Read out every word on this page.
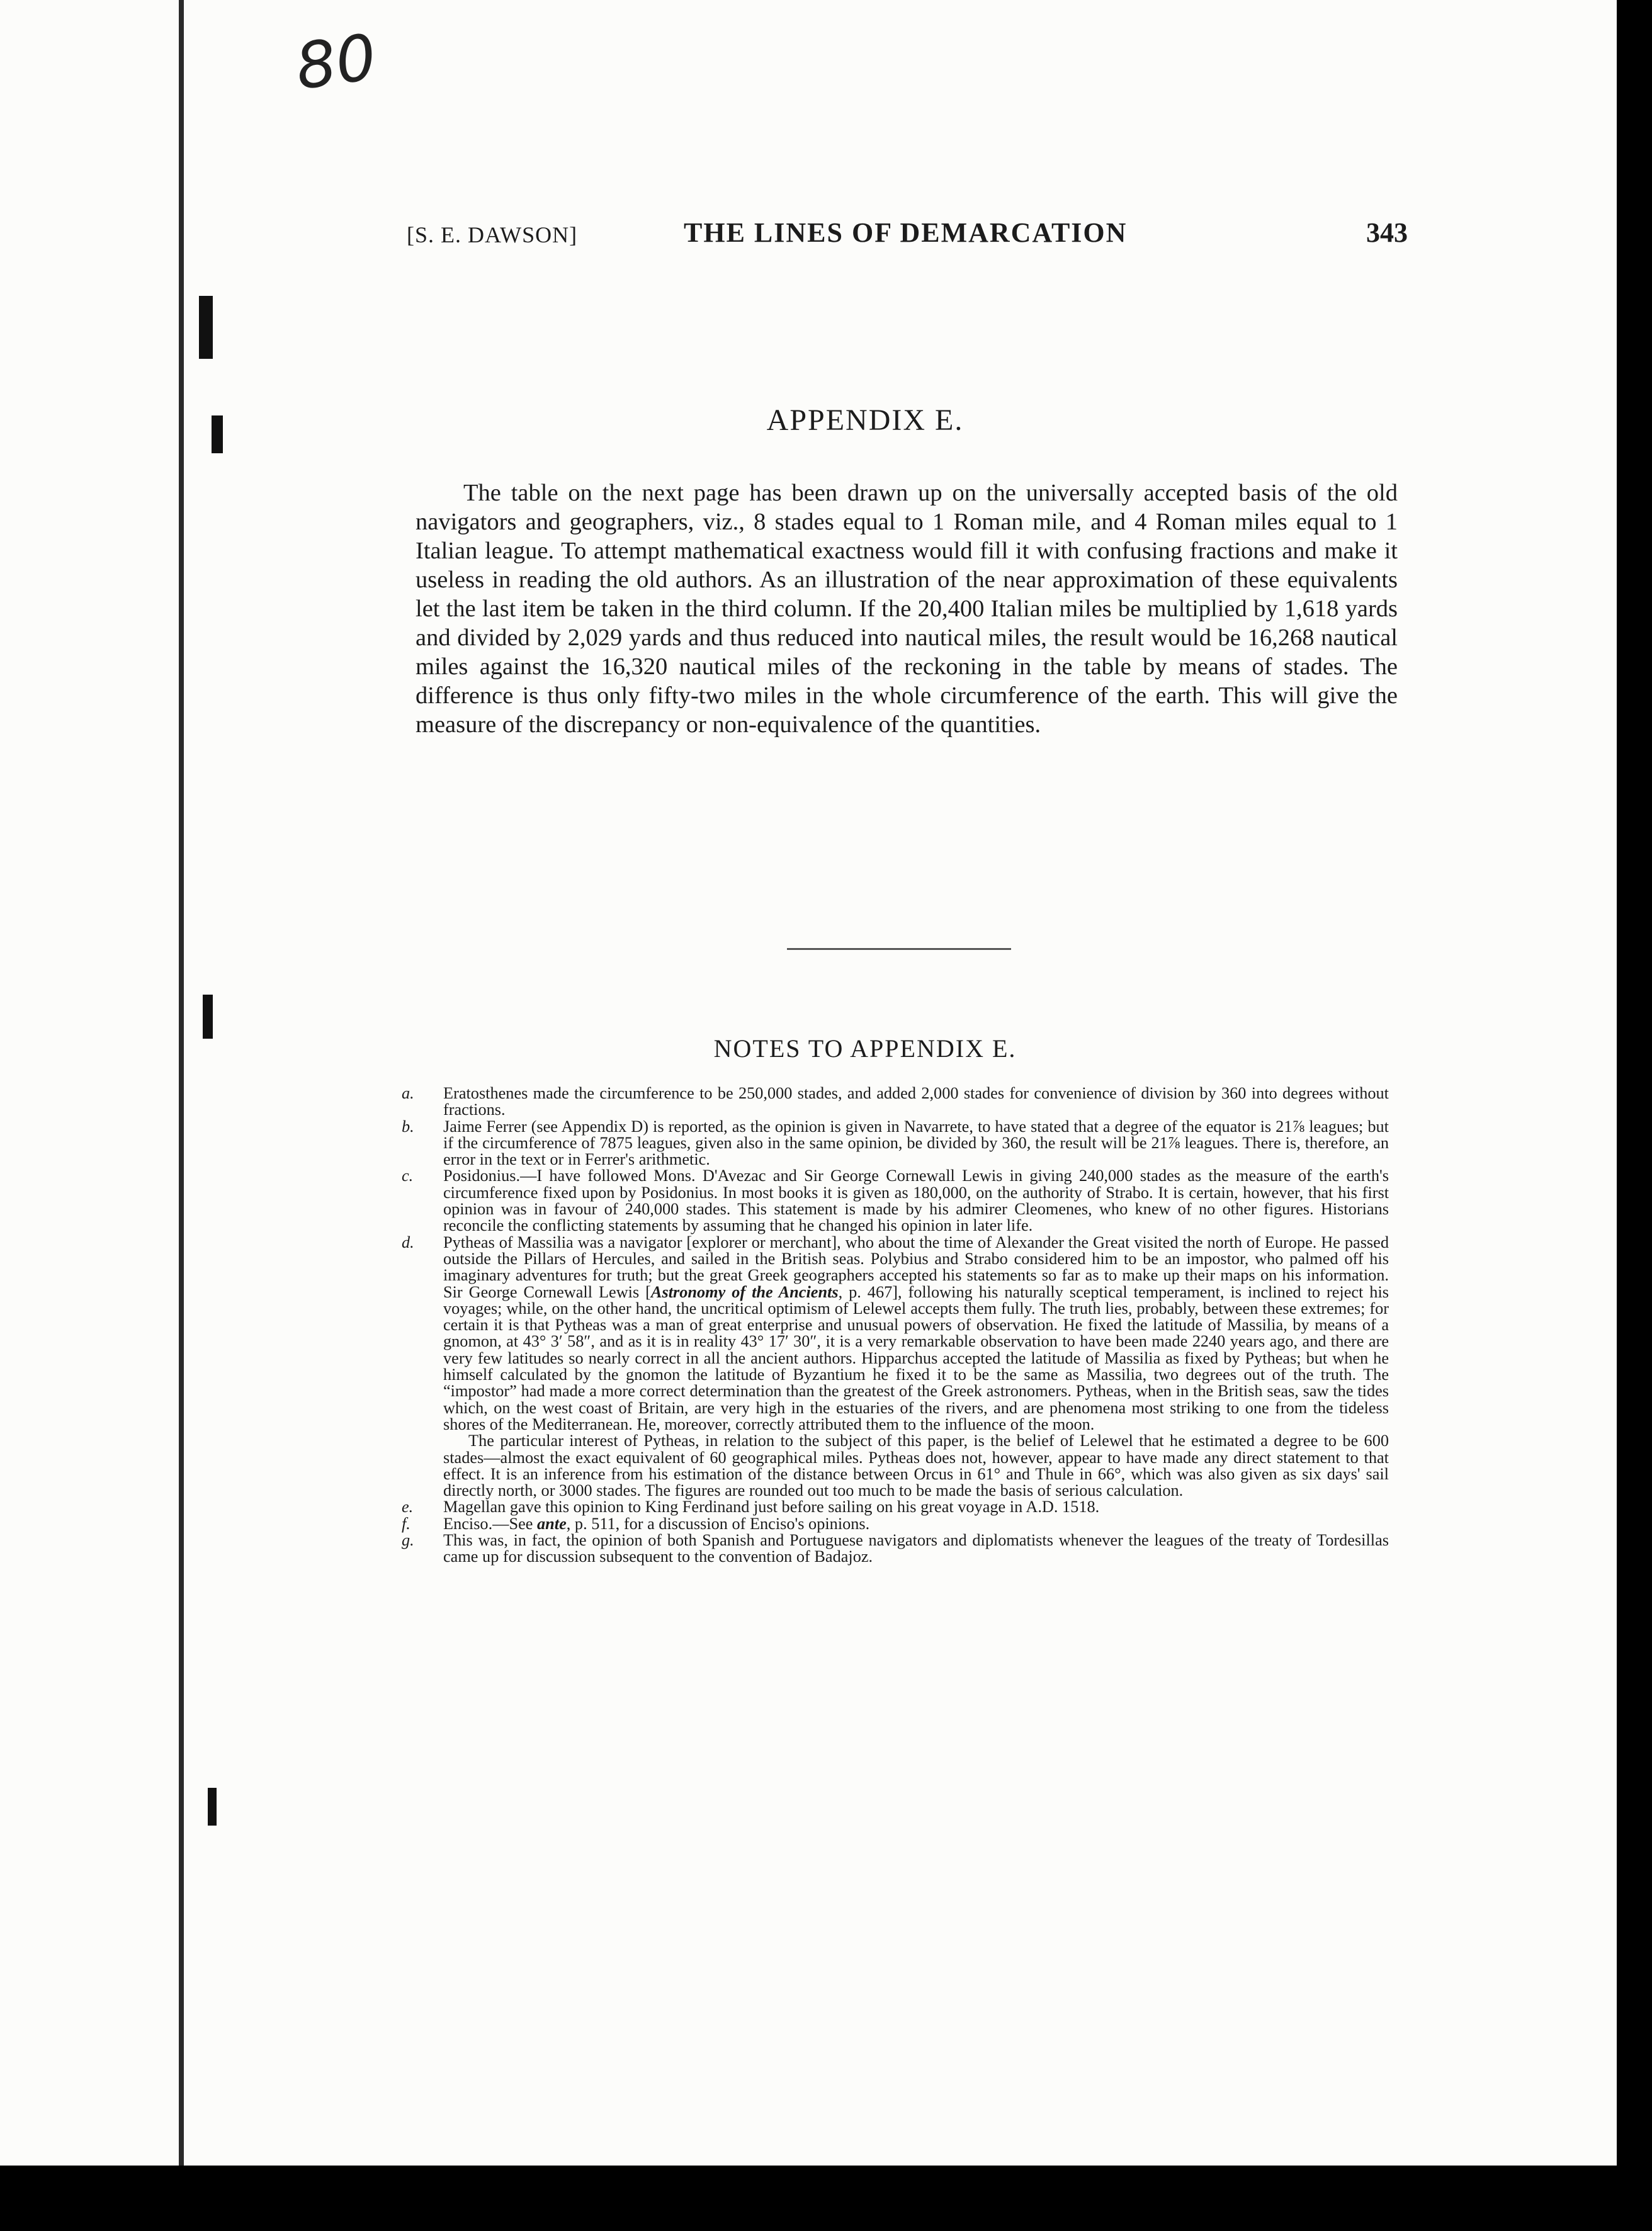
80
[S. E. DAWSON]	THE LINES OF DEMARCATION	343
APPENDIX E.

The table on the next page has been drawn up on the universally accepted basis of the old navigators and geographers, viz., 8 stades equal to 1 Roman mile, and 4 Roman miles equal to 1 Italian league. To attempt mathematical exactness would fill it with confusing fractions and make it useless in reading the old authors. As an illustration of the near approximation of these equivalents let the last item be taken in the third column. If the 20,400 Italian miles be multiplied by 1,618 yards and divided by 2,029 yards and thus reduced into nautical miles, the result would be 16,268 nautical miles against the 16,320 nautical miles of the reckoning in the table by means of stades. The difference is thus only fifty-two miles in the whole circumference of the earth. This will give the measure of the discrepancy or non-equivalence of the quantities.

NOTES TO APPENDIX E.
a. Eratosthenes made the circumference to be 250,000 stades, and added 2,000 stades for convenience of division by 360 into degrees without fractions.
b. Jaime Ferrer (see Appendix D) is reported, as the opinion is given in Navarrete, to have stated that a degree of the equator is 21⅞ leagues; but if the circumference of 7875 leagues, given also in the same opinion, be divided by 360, the result will be 21⅞ leagues. There is, therefore, an error in the text or in Ferrer's arithmetic.
c. Posidonius.—I have followed Mons. D'Avezac and Sir George Cornewall Lewis in giving 240,000 stades as the measure of the earth's circumference fixed upon by Posidonius. In most books it is given as 180,000, on the authority of Strabo. It is certain, however, that his first opinion was in favour of 240,000 stades. This statement is made by his admirer Cleomenes, who knew of no other figures. Historians reconcile the conflicting statements by assuming that he changed his opinion in later life.
d. Pytheas of Massilia was a navigator [explorer or merchant], who about the time of Alexander the Great visited the north of Europe. He passed outside the Pillars of Hercules, and sailed in the British seas. Polybius and Strabo considered him to be an impostor, who palmed off his imaginary adventures for truth; but the great Greek geographers accepted his statements so far as to make up their maps on his information. Sir George Cornewall Lewis [Astronomy of the Ancients, p. 467], following his naturally sceptical temperament, is inclined to reject his voyages; while, on the other hand, the uncritical optimism of Lelewel accepts them fully. The truth lies, probably, between these extremes; for certain it is that Pytheas was a man of great enterprise and unusual powers of observation. He fixed the latitude of Massilia, by means of a gnomon, at 43° 3′ 58″, and as it is in reality 43° 17′ 30″, it is a very remarkable observation to have been made 2240 years ago, and there are very few latitudes so nearly correct in all the ancient authors. Hipparchus accepted the latitude of Massilia as fixed by Pytheas; but when he himself calculated by the gnomon the latitude of Byzantium he fixed it to be the same as Massilia, two degrees out of the truth. The “impostor” had made a more correct determination than the greatest of the Greek astronomers. Pytheas, when in the British seas, saw the tides which, on the west coast of Britain, are very high in the estuaries of the rivers, and are phenomena most striking to one from the tideless shores of the Mediterranean. He, moreover, correctly attributed them to the influence of the moon.
The particular interest of Pytheas, in relation to the subject of this paper, is the belief of Lelewel that he estimated a degree to be 600 stades—almost the exact equivalent of 60 geographical miles. Pytheas does not, however, appear to have made any direct statement to that effect. It is an inference from his estimation of the distance between Orcus in 61° and Thule in 66°, which was also given as six days' sail directly north, or 3000 stades. The figures are rounded out too much to be made the basis of serious calculation.
e. Magellan gave this opinion to King Ferdinand just before sailing on his great voyage in A.D. 1518.
f. Enciso.—See ante, p. 511, for a discussion of Enciso's opinions.
g. This was, in fact, the opinion of both Spanish and Portuguese navigators and diplomatists whenever the leagues of the treaty of Tordesillas came up for discussion subsequent to the convention of Badajoz.
